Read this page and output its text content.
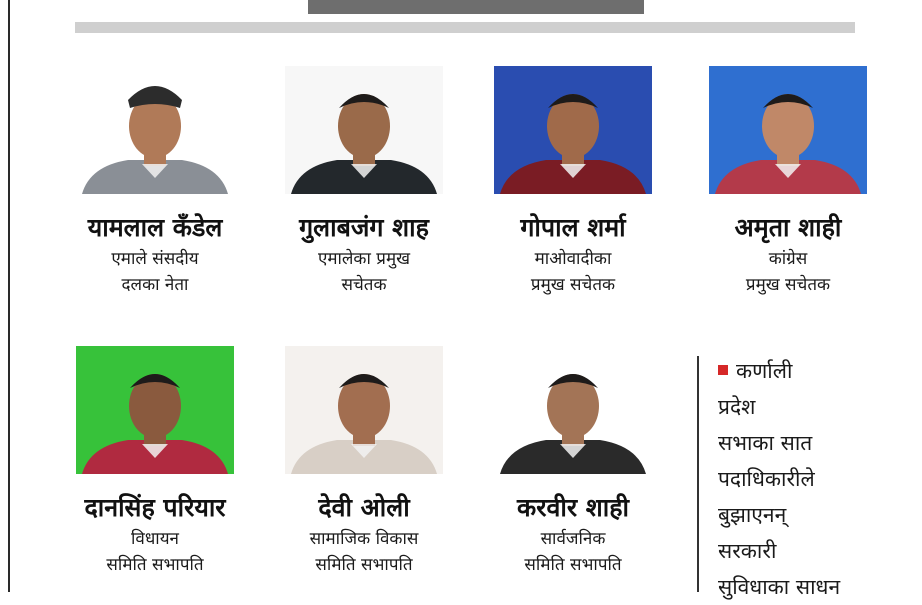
यामलाल कँडेल
एमाले संसदीय
दलका नेता
गुलाबजंग शाह
एमालेका प्रमुख
सचेतक
गोपाल शर्मा
माओवादीका
प्रमुख सचेतक
अमृता शाही
कांग्रेस
प्रमुख सचेतक
दानसिंह परियार
विधायन
समिति सभापति
देवी ओली
सामाजिक विकास
समिति सभापति
करवीर शाही
सार्वजनिक
समिति सभापति
कर्णाली
प्रदेश
सभाका सात
पदाधिकारीले
बुझाएनन्
सरकारी
सुविधाका साधन
